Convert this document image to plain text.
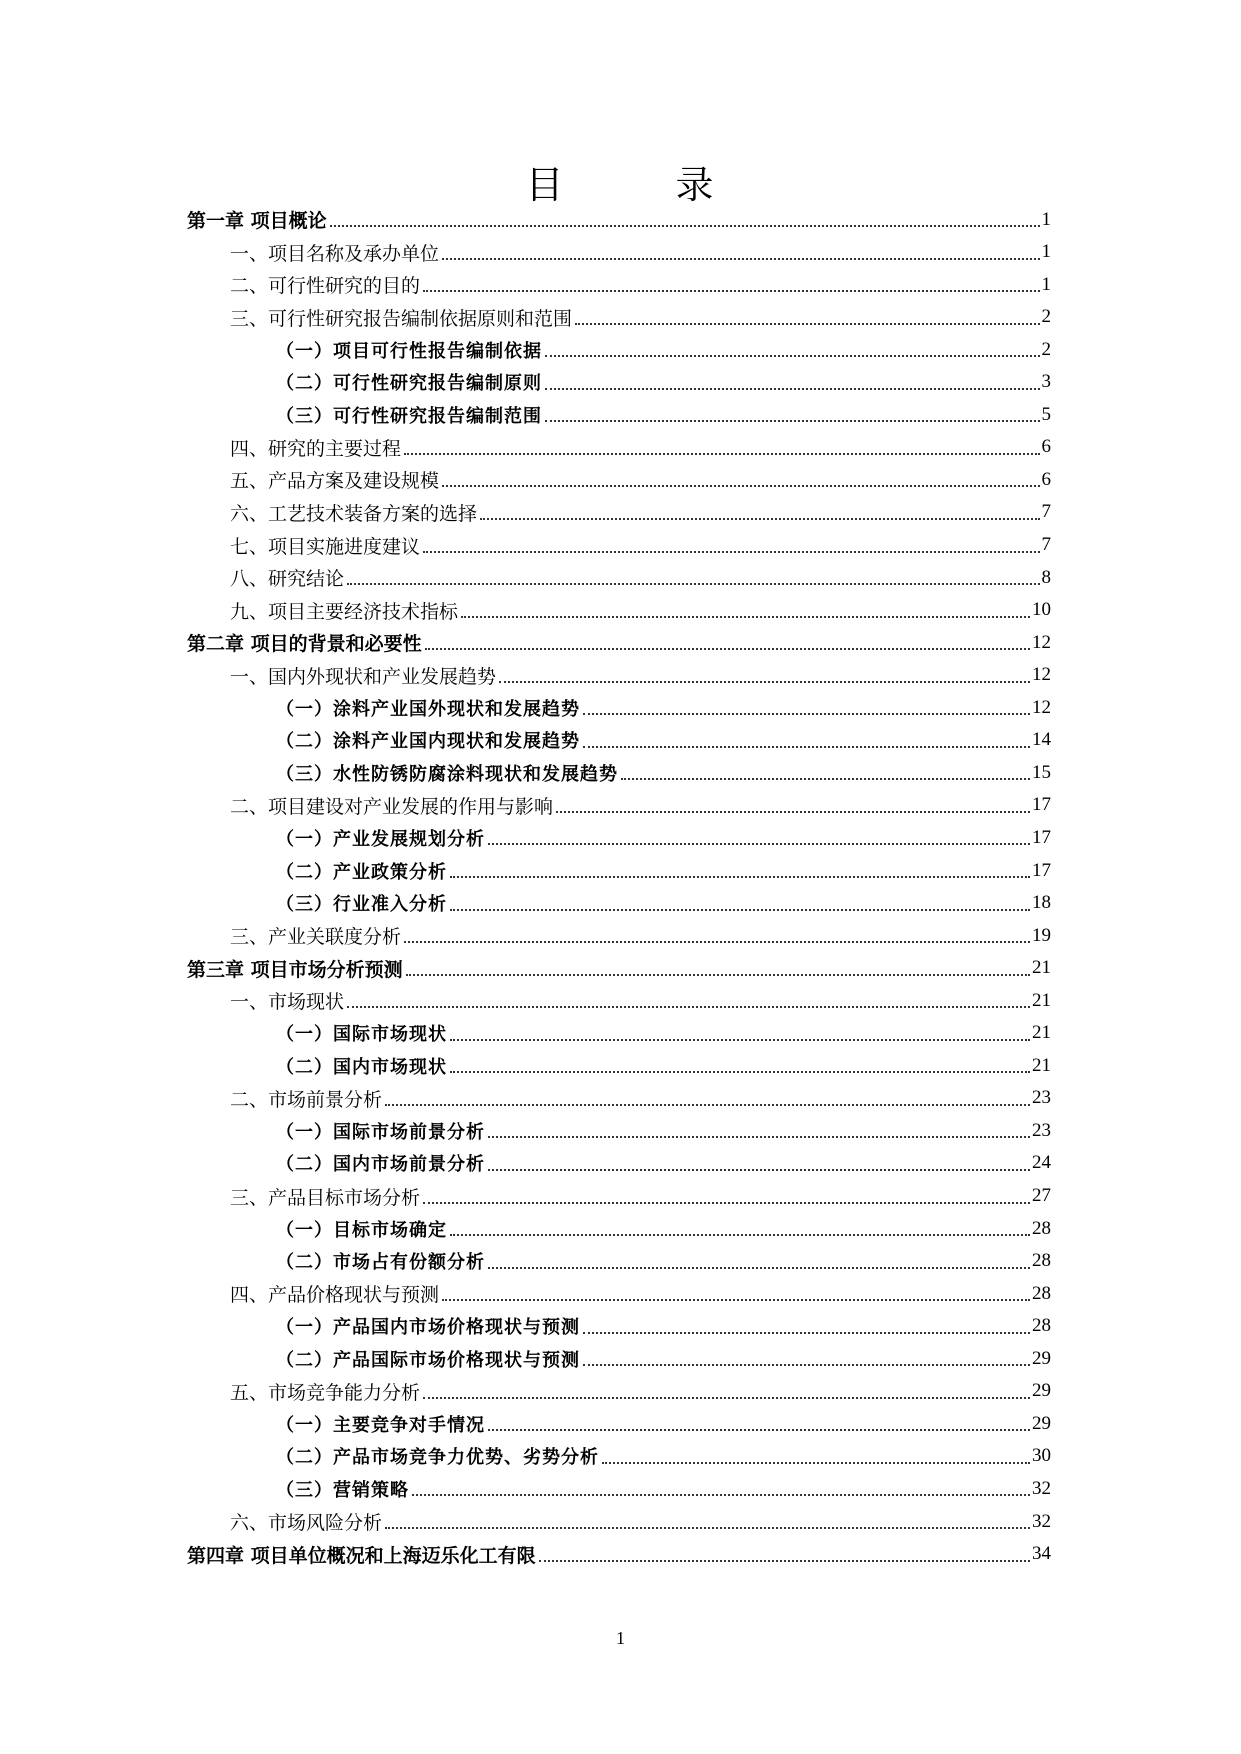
目	录
第一章 项目概论	1
一、项目名称及承办单位	1
二、可行性研究的目的	1
三、可行性研究报告编制依据原则和范围	2
（一）项目可行性报告编制依据	2
（二）可行性研究报告编制原则	3
（三）可行性研究报告编制范围	5
四、研究的主要过程	6
五、产品方案及建设规模	6
六、工艺技术装备方案的选择	7
七、项目实施进度建议	7
八、研究结论	8
九、项目主要经济技术指标	10
第二章 项目的背景和必要性	12
一、国内外现状和产业发展趋势	12
（一）涂料产业国外现状和发展趋势	12
（二）涂料产业国内现状和发展趋势	14
（三）水性防锈防腐涂料现状和发展趋势	15
二、项目建设对产业发展的作用与影响	17
（一）产业发展规划分析	17
（二）产业政策分析	17
（三）行业准入分析	18
三、产业关联度分析	19
第三章 项目市场分析预测	21
一、市场现状	21
（一）国际市场现状	21
（二）国内市场现状	21
二、市场前景分析	23
（一）国际市场前景分析	23
（二）国内市场前景分析	24
三、产品目标市场分析	27
（一）目标市场确定	28
（二）市场占有份额分析	28
四、产品价格现状与预测	28
（一）产品国内市场价格现状与预测	28
（二）产品国际市场价格现状与预测	29
五、市场竞争能力分析	29
（一）主要竞争对手情况	29
（二）产品市场竞争力优势、劣势分析	30
（三）营销策略	32
六、市场风险分析	32
第四章 项目单位概况和上海迈乐化工有限	34
1
